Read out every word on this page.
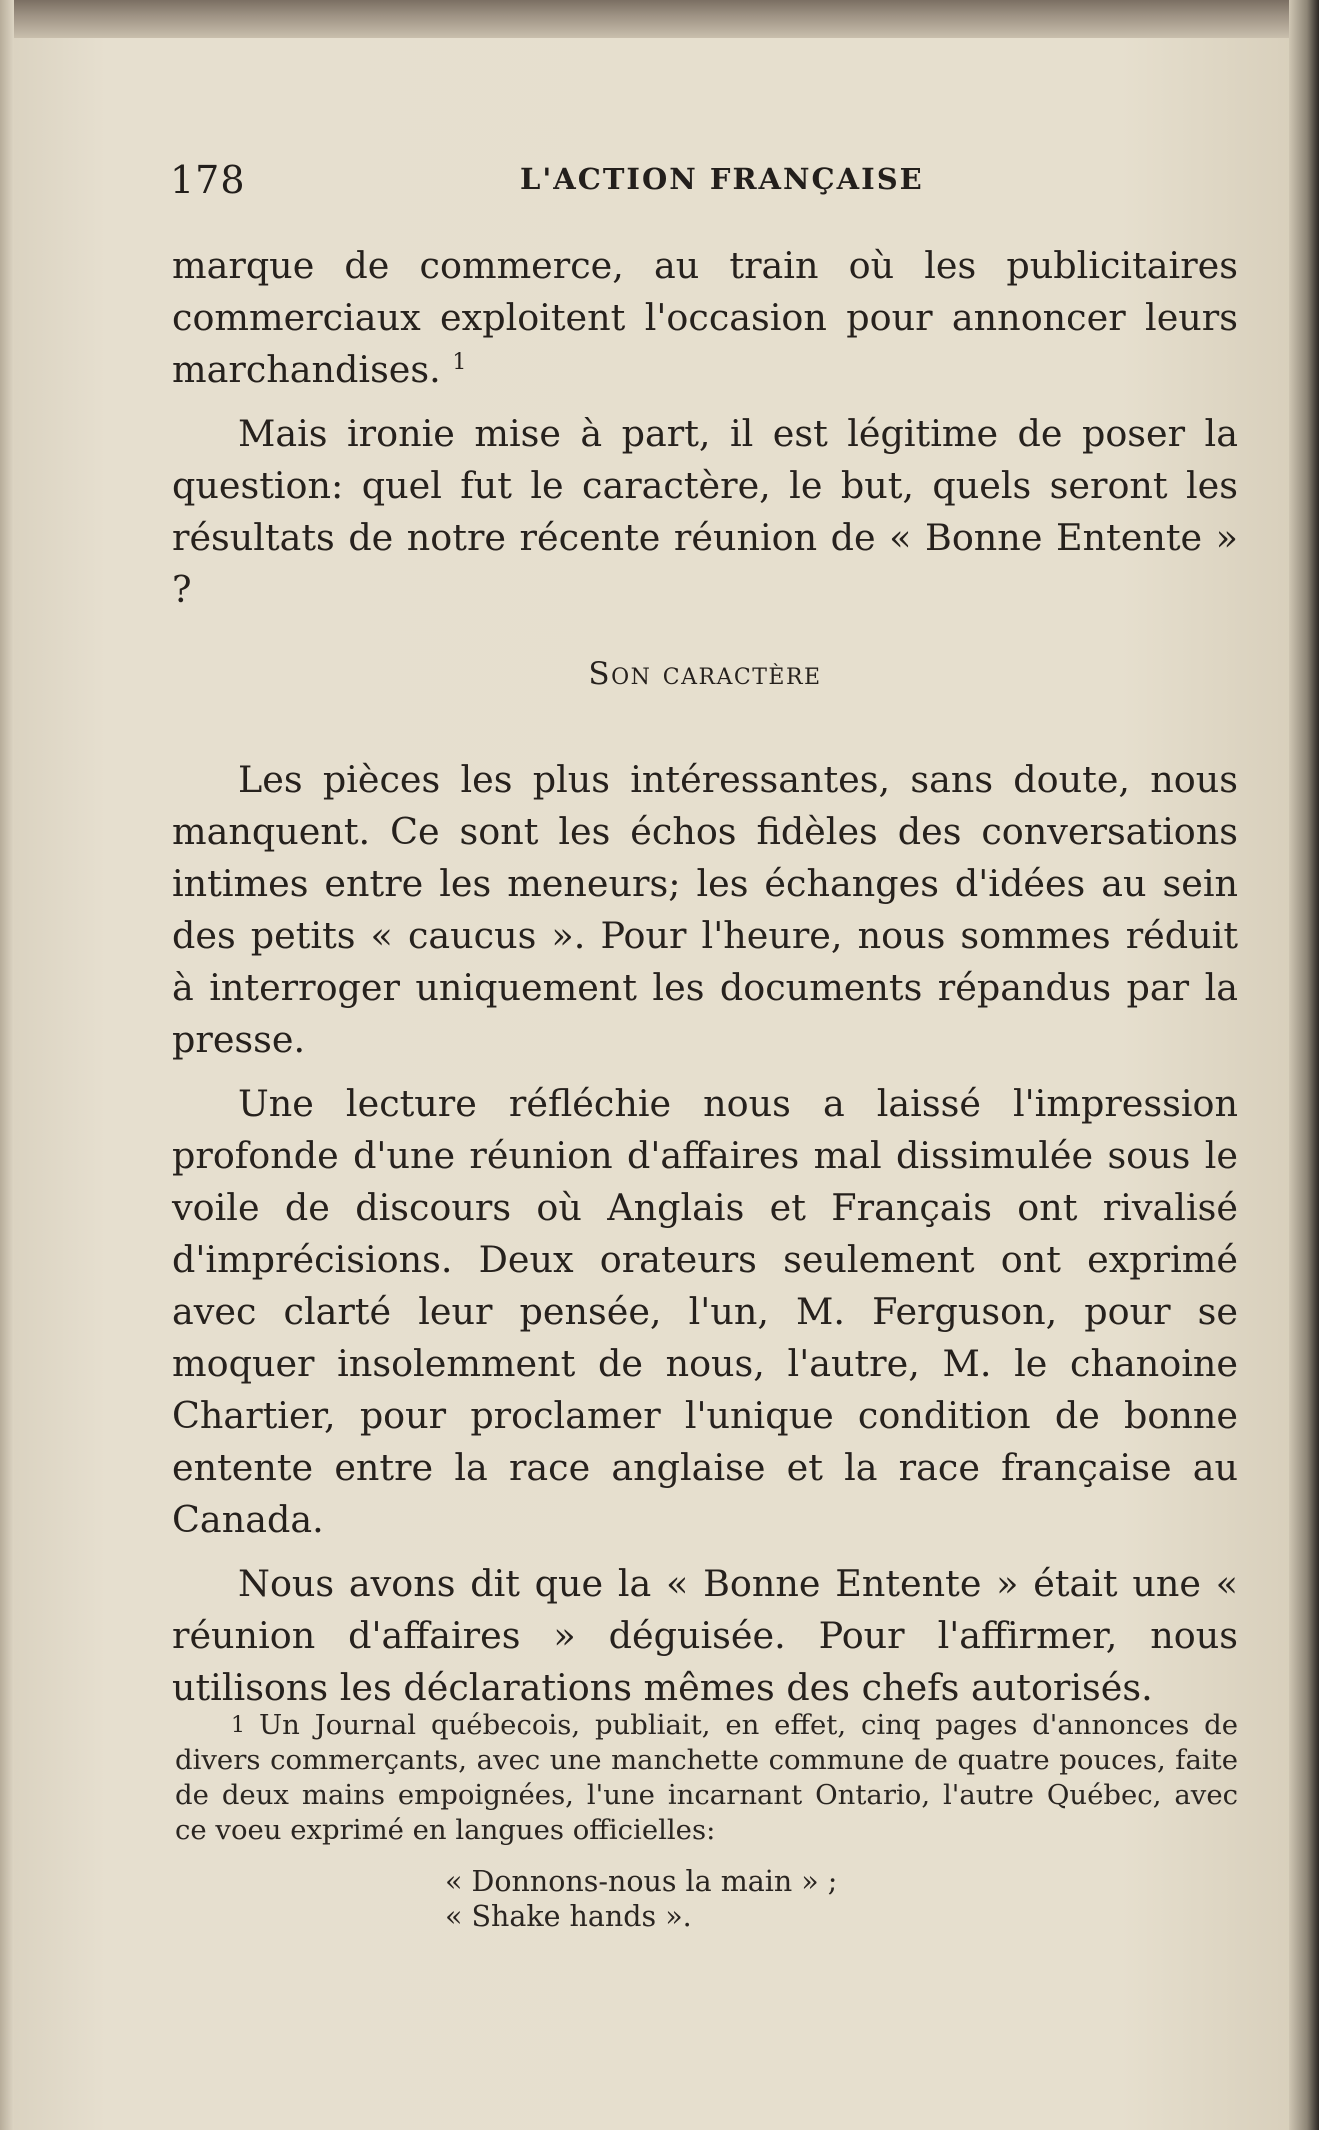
178	L'ACTION FRANÇAISE

marque de commerce, au train où les publicitaires commerciaux exploitent l'occasion pour annoncer leurs marchandises. $^1$

Mais ironie mise à part, il est légitime de poser la question: quel fut le caractère, le but, quels seront les résultats de notre récente réunion de « Bonne Entente » ?

Son caractère

Les pièces les plus intéressantes, sans doute, nous manquent. Ce sont les échos fidèles des conversations intimes entre les meneurs; les échanges d'idées au sein des petits « caucus ». Pour l'heure, nous sommes réduit à interroger uniquement les documents répandus par la presse.

Une lecture réfléchie nous a laissé l'impression profonde d'une réunion d'affaires mal dissimulée sous le voile de discours où Anglais et Français ont rivalisé d'imprécisions. Deux orateurs seulement ont exprimé avec clarté leur pensée, l'un, M. Ferguson, pour se moquer insolemment de nous, l'autre, M. le chanoine Chartier, pour proclamer l'unique condition de bonne entente entre la race anglaise et la race française au Canada.

Nous avons dit que la « Bonne Entente » était une « réunion d'affaires » déguisée. Pour l'affirmer, nous utilisons les déclarations mêmes des chefs autorisés.

1 Un Journal québecois, publiait, en effet, cinq pages d'annonces de divers commerçants, avec une manchette commune de quatre pouces, faite de deux mains empoignées, l'une incarnant Ontario, l'autre Québec, avec ce voeu exprimé en langues officielles:

« Donnons-nous la main » ;

« Shake hands ».
